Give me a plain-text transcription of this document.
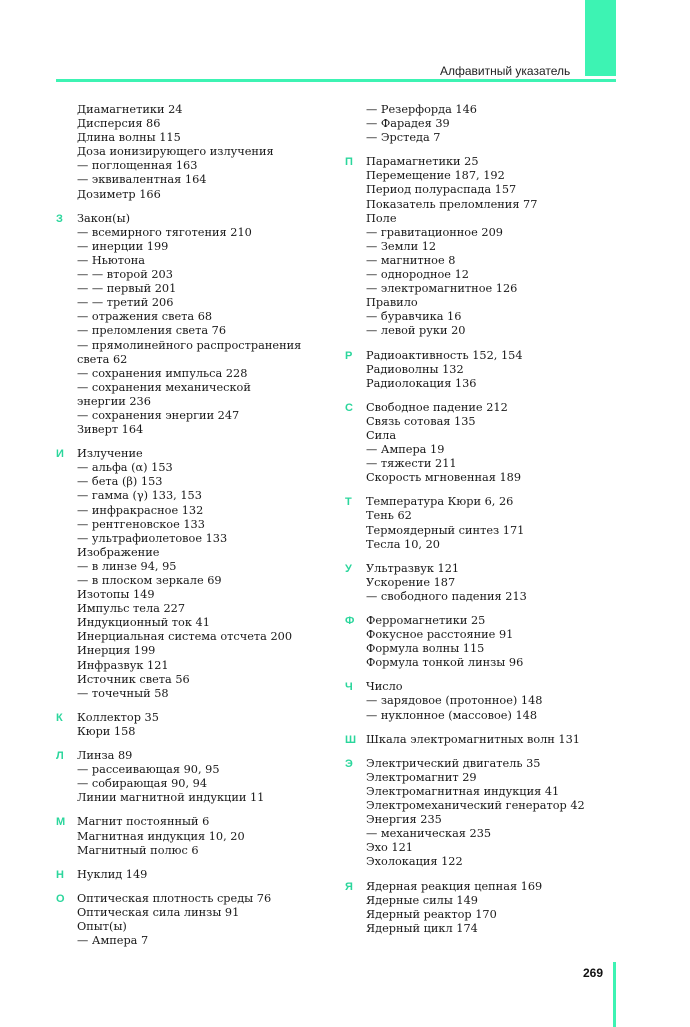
Алфавитный указатель
Диамагнетики 24
Дисперсия 86
Длина волны 115
Доза ионизирующего излучения
— поглощенная 163
— эквивалентная 164
Дозиметр 166
З Закон(ы)
— всемирного тяготения 210
— инерции 199
— Ньютона
— — второй 203
— — первый 201
— — третий 206
— отражения света 68
— преломления света 76
— прямолинейного распространения
света 62
— сохранения импульса 228
— сохранения механической
энергии 236
— сохранения энергии 247
Зиверт 164
И Излучение
— альфа (α) 153
— бета (β) 153
— гамма (γ) 133, 153
— инфракрасное 132
— рентгеновское 133
— ультрафиолетовое 133
Изображение
— в линзе 94, 95
— в плоском зеркале 69
Изотопы 149
Импульс тела 227
Индукционный ток 41
Инерциальная система отсчета 200
Инерция 199
Инфразвук 121
Источник света 56
— точечный 58
К Коллектор 35
Кюри 158
Л Линза 89
— рассеивающая 90, 95
— собирающая 90, 94
Линии магнитной индукции 11
М Магнит постоянный 6
Магнитная индукция 10, 20
Магнитный полюс 6
Н Нуклид 149
О Оптическая плотность среды 76
Оптическая сила линзы 91
Опыт(ы)
— Ампера 7
— Резерфорда 146
— Фарадея 39
— Эрстеда 7
П Парамагнетики 25
Перемещение 187, 192
Период полураспада 157
Показатель преломления 77
Поле
— гравитационное 209
— Земли 12
— магнитное 8
— однородное 12
— электромагнитное 126
Правило
— буравчика 16
— левой руки 20
Р Радиоактивность 152, 154
Радиоволны 132
Радиолокация 136
С Свободное падение 212
Связь сотовая 135
Сила
— Ампера 19
— тяжести 211
Скорость мгновенная 189
Т Температура Кюри 6, 26
Тень 62
Термоядерный синтез 171
Тесла 10, 20
У Ультразвук 121
Ускорение 187
— свободного падения 213
Ф Ферромагнетики 25
Фокусное расстояние 91
Формула волны 115
Формула тонкой линзы 96
Ч Число
— зарядовое (протонное) 148
— нуклонное (массовое) 148
Ш Шкала электромагнитных волн 131
Э Электрический двигатель 35
Электромагнит 29
Электромагнитная индукция 41
Электромеханический генератор 42
Энергия 235
— механическая 235
Эхо 121
Эхолокация 122
Я Ядерная реакция цепная 169
Ядерные силы 149
Ядерный реактор 170
Ядерный цикл 174
269
